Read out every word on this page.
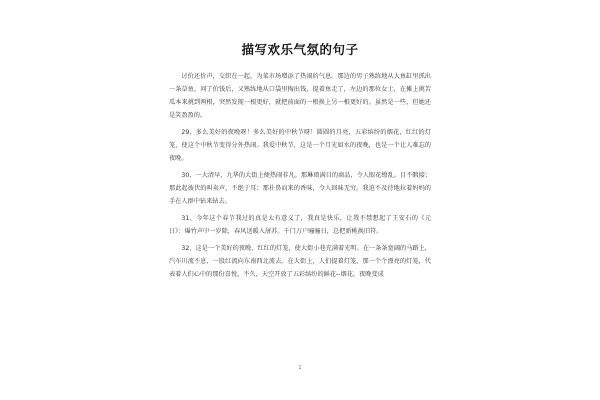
描写欢乐气氛的句子

讨价还价声，交织在一起，为菜市场增添了热闹的气息。那边的男子熟练地从大鱼缸里抓出一条草鱼，问了价钱后，又熟练地从口袋里掏出钱，提着鱼走了，左边的那位女士，在摊上挑苦瓜本来挑到两根，突然发现一根更好，就把前面的一根换上另一根更好的。虽然是一些，但她还是笑盈盈的。

29、多么美好的夜晚呀！多么美好的中秋节呀！圆圆的月亮，五彩缤纷的烟花，红红的灯笼，使这个中秋节变得分外热闹。我爱中秋节，这是一个月光如水的夜晚，也是一个让人难忘的夜晚。

30、一大清早，九华的大街上便热闹非凡。那琳琅满目的商品，令人眼花缭乱。目不暇接；那此起彼伏的叫卖声，不绝于耳；那扑鼻而来的香味，令人回味无穷。我迫不及待地拉着妈妈的手在人群中钻来钻去。

31、今年这个春节我过的真是太有意义了，我真是快乐，让我不禁想起了王安石的《元日》：爆竹声中一岁除，春风送暖入屠苏。千门万户曈曈日，总把新桃换旧符。

32、这是一个美好的夜晚，红红的灯笼，使大街小巷充满着光明。在一条条宽阔的马路上，汽车川流不息，一股红流向东南西北流去。在大街上，人们提着灯笼，那一个个漂亮的灯笼，代表着人们心中的那份喜悦。不久，天空开放了五彩缤纷的鲜花--烟花。夜晚变成

1
